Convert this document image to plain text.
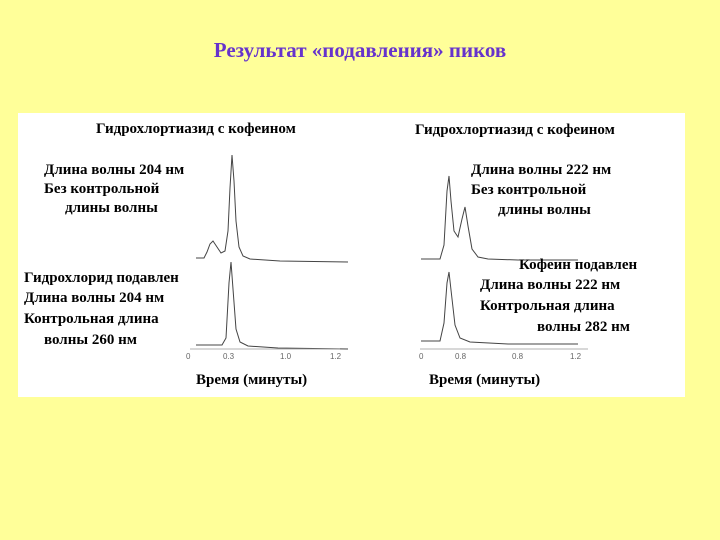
Результат «подавления» пиков
Гидрохлортиазид с кофеином
Длина волны 204 нм
Без контрольной
длины волны
Гидрохлорид подавлен
Длина волны 204 нм
Контрольная длина
волны 260 нм
0	0.3	1.0	1.2
Время (минуты)
Гидрохлортиазид с кофеином
Длина волны 222 нм
Без контрольной
длины волны
Кофеин подавлен
Длина волны 222 нм
Контрольная длина
волны 282 нм
0	0.8	0.8	1.2
Время (минуты)
